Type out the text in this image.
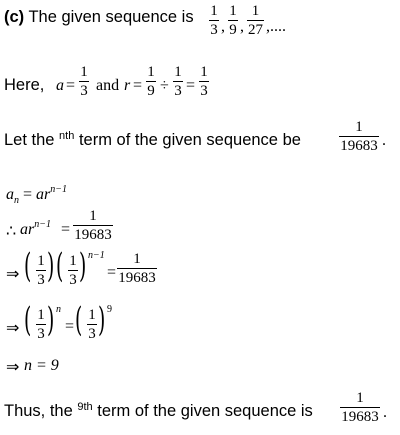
(c) The given sequence is 1
3 ,
1
9 ,
1
27 ,....
Here, a =
1
3 and r =
1
9 ÷
1
3 =
1
3
Let the $^{nth}$ term of the given sequence be
1
19683 .
$a_n = ar^{n-1}$
∴ $ar^{n-1}$ =
1
19683
⇒ ( 1
3 ) ( 1
3 ) n−1
=
1
19683
⇒ ( 1
3 ) n
= ( 1
3 ) 9
⇒ n = 9
Thus, the $^{9th}$ term of the given sequence is
1
19683 .
